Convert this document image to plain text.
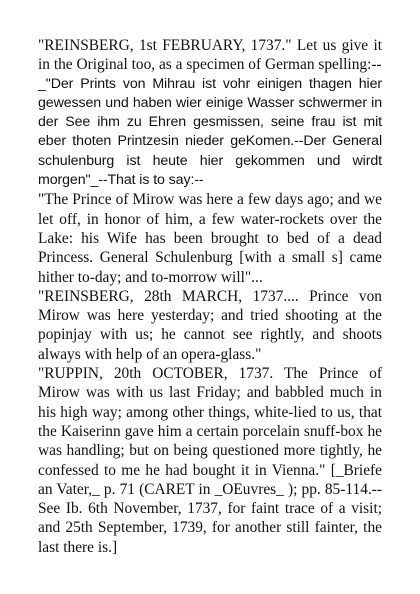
"REINSBERG, 1st FEBRUARY, 1737." Let us give it in the Original too, as a specimen of German spelling:--

_"Der Prints von Mihrau ist vohr einigen thagen hier gewessen und haben wier einige Wasser schwermer in der See ihm zu Ehren gesmissen, seine frau ist mit eber thoten Printzesin nieder geKomen.--Der General schulenburg ist heute hier gekommen und wirdt morgen"_--That is to say:--

"The Prince of Mirow was here a few days ago; and we let off, in honor of him, a few water-rockets over the Lake: his Wife has been brought to bed of a dead Princess. General Schulenburg [with a small s] came hither to-day; and to-morrow will"...

"REINSBERG, 28th MARCH, 1737.... Prince von Mirow was here yesterday; and tried shooting at the popinjay with us; he cannot see rightly, and shoots always with help of an opera-glass."

"RUPPIN, 20th OCTOBER, 1737. The Prince of Mirow was with us last Friday; and babbled much in his high way; among other things, white-lied to us, that the Kaiserinn gave him a certain porcelain snuff-box he was handling; but on being questioned more tightly, he confessed to me he had bought it in Vienna." [_Briefe an Vater,_ p. 71 (CARET in _OEuvres_ ); pp. 85-114.--See Ib. 6th November, 1737, for faint trace of a visit; and 25th September, 1739, for another still fainter, the last there is.]
